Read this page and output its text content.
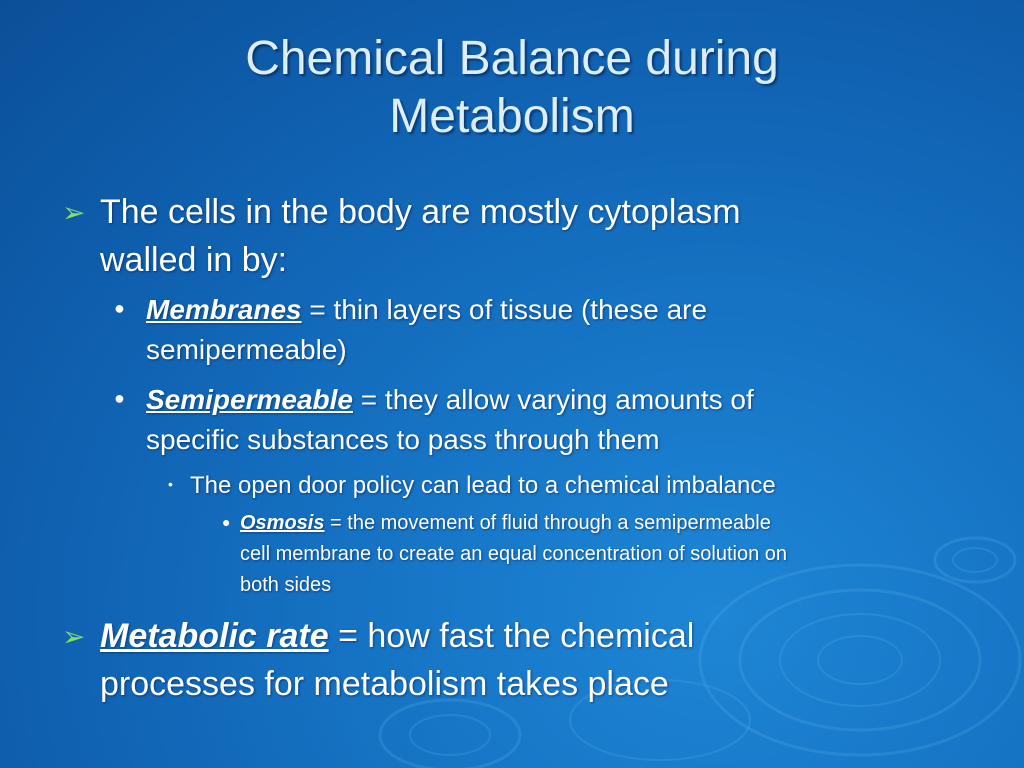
Chemical Balance during
Metabolism
➢ The cells in the body are mostly cytoplasm
walled in by:

● Membranes = thin layers of tissue (these are
semipermeable)

● Semipermeable = they allow varying amounts of
specific substances to pass through them

• The open door policy can lead to a chemical imbalance

● Osmosis = the movement of fluid through a semipermeable
cell membrane to create an equal concentration of solution on
both sides

➢ Metabolic rate = how fast the chemical
processes for metabolism takes place
